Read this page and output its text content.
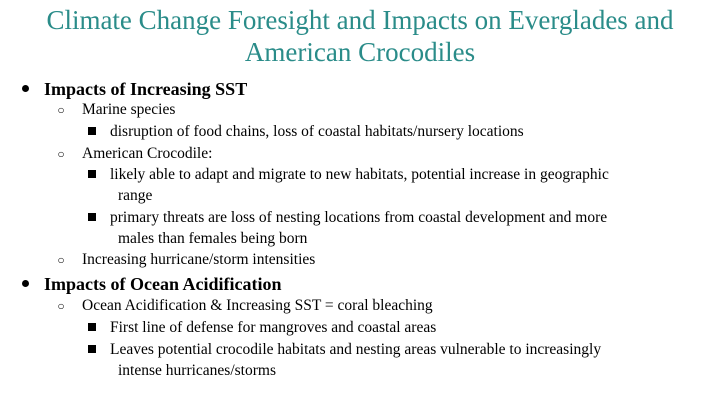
Climate Change Foresight and Impacts on Everglades and American Crocodiles
Impacts of Increasing SST
○ Marine species
disruption of food chains, loss of coastal habitats/nursery locations
○ American Crocodile:
likely able to adapt and migrate to new habitats, potential increase in geographic
range
primary threats are loss of nesting locations from coastal development and more
males than females being born
○ Increasing hurricane/storm intensities
Impacts of Ocean Acidification
○ Ocean Acidification & Increasing SST = coral bleaching
First line of defense for mangroves and coastal areas
Leaves potential crocodile habitats and nesting areas vulnerable to increasingly
intense hurricanes/storms
